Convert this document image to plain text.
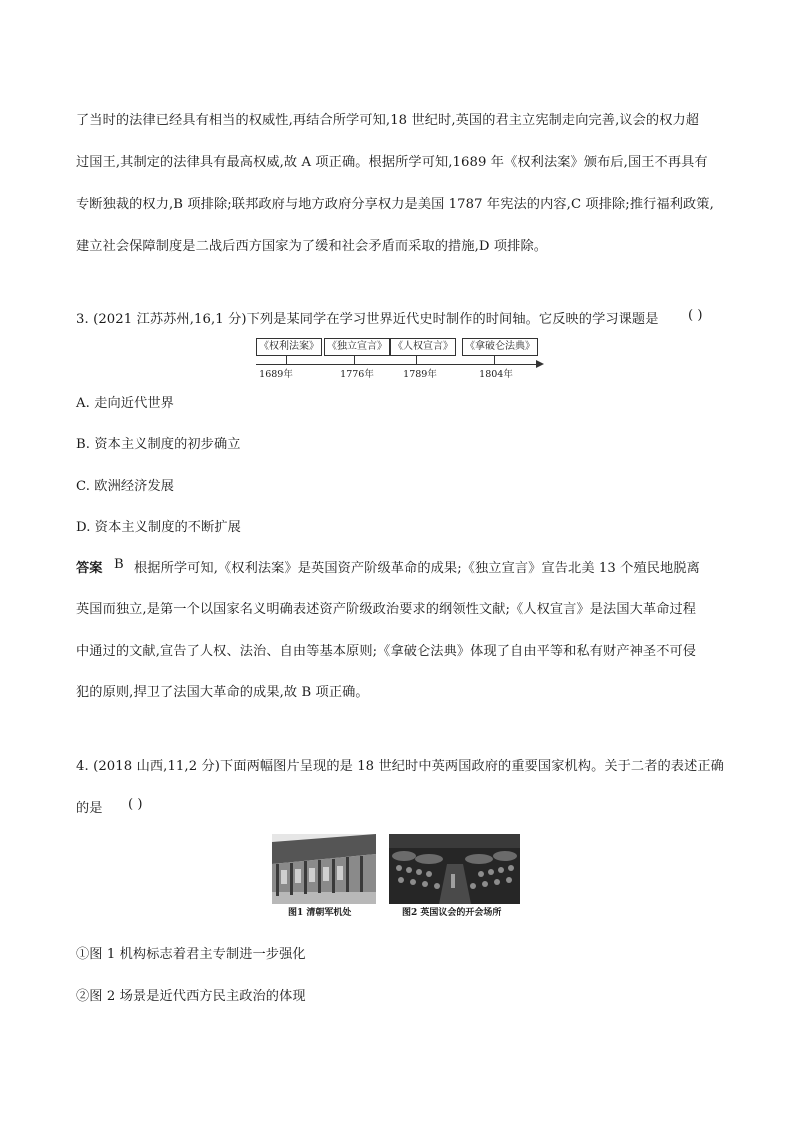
了当时的法律已经具有相当的权威性,再结合所学可知,18 世纪时,英国的君主立宪制走向完善,议会的权力超
过国王,其制定的法律具有最高权威,故 A 项正确。根据所学可知,1689 年《权利法案》颁布后,国王不再具有
专断独裁的权力,B 项排除;联邦政府与地方政府分享权力是美国 1787 年宪法的内容,C 项排除;推行福利政策,
建立社会保障制度是二战后西方国家为了缓和社会矛盾而采取的措施,D 项排除。
3. (2021 江苏苏州,16,1 分)下列是某同学在学习世界近代史时制作的时间轴。它反映的学习课题是 ( )
《权利法案》 《独立宣言》 《人权宣言》	《拿破仑法典》
1689年	1776年	1789年	1804年
A. 走向近代世界
B. 资本主义制度的初步确立
C. 欧洲经济发展
D. 资本主义制度的不断扩展
答案 B 根据所学可知,《权利法案》是英国资产阶级革命的成果;《独立宣言》宣告北美 13 个殖民地脱离
英国而独立,是第一个以国家名义明确表述资产阶级政治要求的纲领性文献;《人权宣言》是法国大革命过程
中通过的文献,宣告了人权、法治、自由等基本原则;《拿破仑法典》体现了自由平等和私有财产神圣不可侵
犯的原则,捍卫了法国大革命的成果,故 B 项正确。
4. (2018 山西,11,2 分)下面两幅图片呈现的是 18 世纪时中英两国政府的重要国家机构。关于二者的表述正确
的是 ( )
图1 清朝军机处	图2 英国议会的开会场所
①图 1 机构标志着君主专制进一步强化
②图 2 场景是近代西方民主政治的体现
